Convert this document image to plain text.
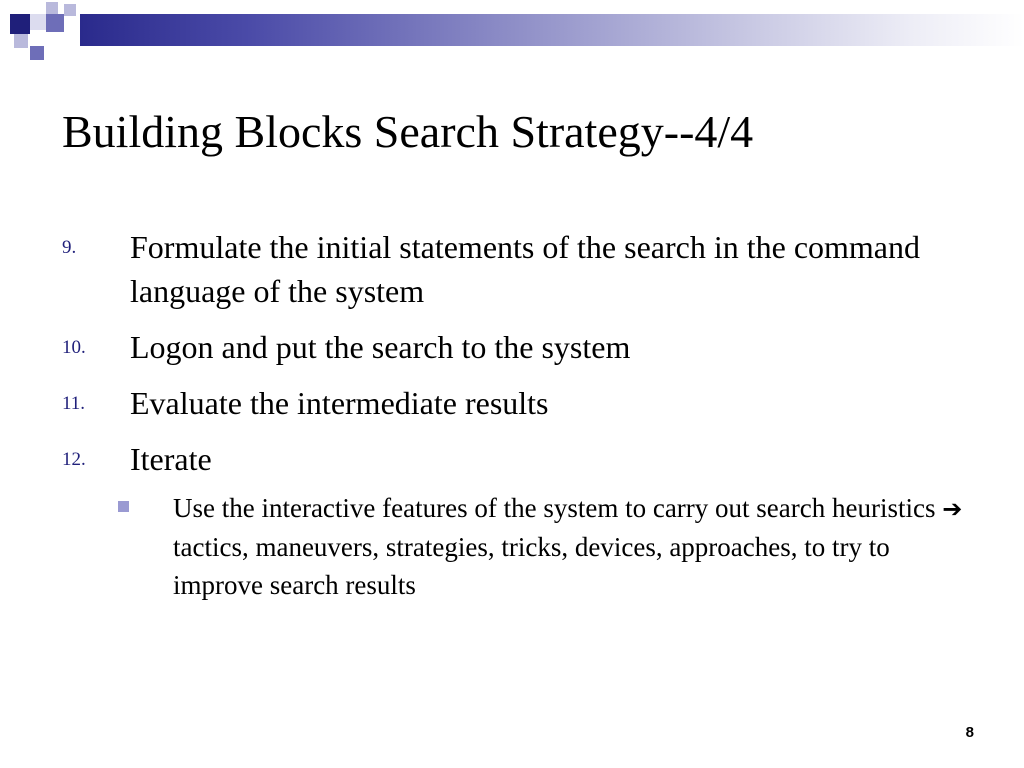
Building Blocks Search Strategy--4/4
9. Formulate the initial statements of the search in the command language of the system
10. Logon and put the search to the system
11. Evaluate the intermediate results
12. Iterate
Use the interactive features of the system to carry out search heuristics ➔ tactics, maneuvers, strategies, tricks, devices, approaches, to try to improve search results
8
